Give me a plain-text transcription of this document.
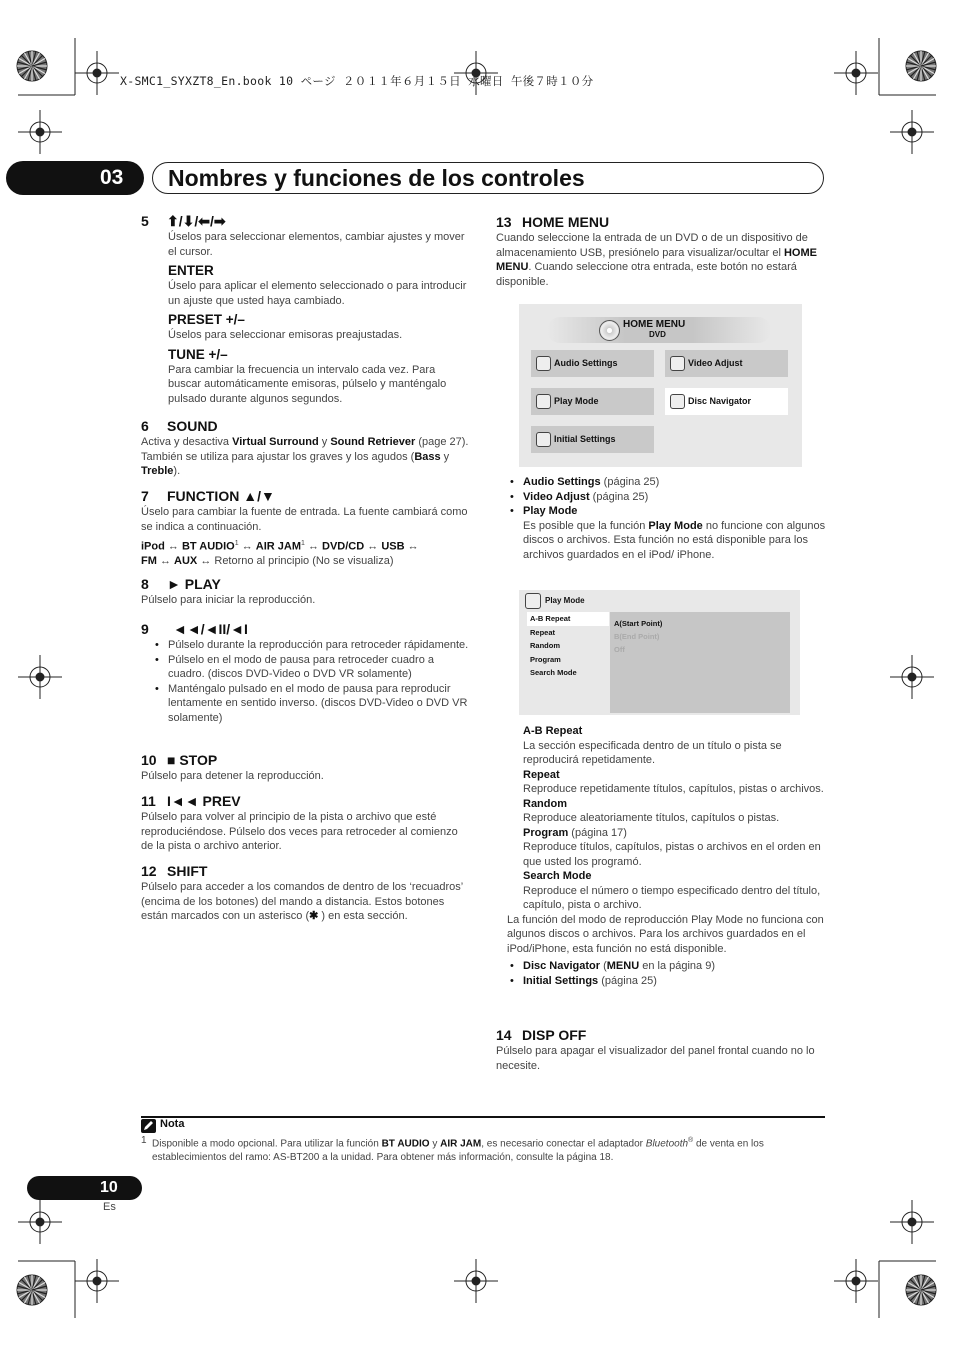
X-SMC1_SYXZT8_En.book 10 ページ ２０１１年６月１５日 水曜日 午後７時１０分
03 Nombres y funciones de los controles
5 ⬆/⬇/⬅/➡
Úselos para seleccionar elementos, cambiar ajustes y mover el cursor.
ENTER
Úselo para aplicar el elemento seleccionado o para introducir un ajuste que usted haya cambiado.
PRESET +/–
Úselos para seleccionar emisoras preajustadas.
TUNE +/–
Para cambiar la frecuencia un intervalo cada vez. Para buscar automáticamente emisoras, púlselo y manténgalo pulsado durante algunos segundos.
6 SOUND
Activa y desactiva Virtual Surround y Sound Retriever (page 27). También se utiliza para ajustar los graves y los agudos (Bass y Treble).
7 FUNCTION ▲/▼
Úselo para cambiar la fuente de entrada. La fuente cambiará como se indica a continuación.
iPod ↔ BT AUDIO$^1$ ↔ AIR JAM$^1$ ↔ DVD/CD ↔ USB ↔
FM ↔ AUX ↔ Retorno al principio (No se visualiza)
8 ► PLAY
Púlselo para iniciar la reproducción.
9 ◄◄/◄II/◄I
• Púlselo durante la reproducción para retroceder rápidamente.
• Púlselo en el modo de pausa para retroceder cuadro a cuadro. (discos DVD-Video o DVD VR solamente)
• Manténgalo pulsado en el modo de pausa para reproducir lentamente en sentido inverso. (discos DVD-Video o DVD VR solamente)
10 ■ STOP
Púlselo para detener la reproducción.
11 I◄◄ PREV
Púlselo para volver al principio de la pista o archivo que esté reproduciéndose. Púlselo dos veces para retroceder al comienzo de la pista o archivo anterior.
12 SHIFT
Púlselo para acceder a los comandos de dentro de los ‘recuadros’ (encima de los botones) del mando a distancia. Estos botones están marcados con un asterisco (✱ ) en esta sección.
13 HOME MENU
Cuando seleccione la entrada de un DVD o de un dispositivo de almacenamiento USB, presiónelo para visualizar/ocultar el HOME MENU. Cuando seleccione otra entrada, este botón no estará disponible.
HOME MENU
DVD
Audio Settings	Video Adjust
Play Mode	Disc Navigator
Initial Settings
• Audio Settings (página 25)
• Video Adjust (página 25)
• Play Mode
Es posible que la función Play Mode no funcione con algunos discos o archivos. Esta función no está disponible para los archivos guardados en el iPod/ iPhone.
Play Mode
A-B Repeat
Repeat
Random
Program
Search Mode
A(Start Point)
B(End Point)
Off
A-B Repeat
La sección especificada dentro de un título o pista se reproducirá repetidamente.
Repeat
Reproduce repetidamente títulos, capítulos, pistas o archivos.
Random
Reproduce aleatoriamente títulos, capítulos o pistas.
Program (página 17)
Reproduce títulos, capítulos, pistas o archivos en el orden en que usted los programó.
Search Mode
Reproduce el número o tiempo especificado dentro del título, capítulo, pista o archivo.
La función del modo de reproducción Play Mode no funciona con algunos discos o archivos. Para los archivos guardados en el iPod/iPhone, esta función no está disponible.
• Disc Navigator (MENU en la página 9)
• Initial Settings (página 25)
14 DISP OFF
Púlselo para apagar el visualizador del panel frontal cuando no lo necesite.
Nota
1 Disponible a modo opcional. Para utilizar la función BT AUDIO y AIR JAM, es necesario conectar el adaptador Bluetooth® de venta en los establecimientos del ramo: AS-BT200 a la unidad. Para obtener más información, consulte la página 18.
10
Es
